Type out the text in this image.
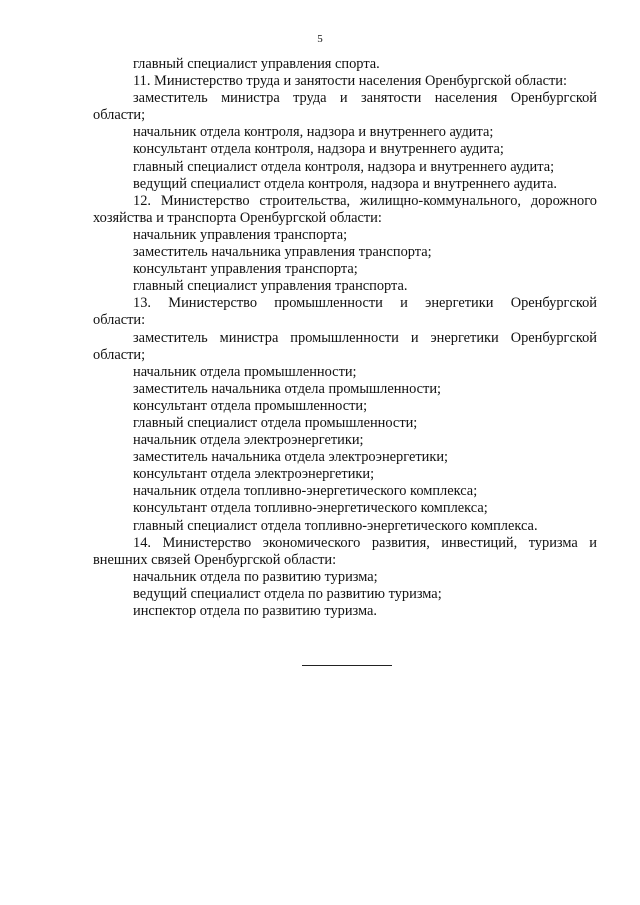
5
главный специалист управления спорта.
11. Министерство труда и занятости населения Оренбургской области:
заместитель министра труда и занятости населения Оренбургской
области;
начальник отдела контроля, надзора и внутреннего аудита;
консультант отдела контроля, надзора и внутреннего аудита;
главный специалист отдела контроля, надзора и внутреннего аудита;
ведущий специалист отдела контроля, надзора и внутреннего аудита.
12. Министерство строительства, жилищно-коммунального, дорожного
хозяйства и транспорта Оренбургской области:
начальник управления транспорта;
заместитель начальника управления транспорта;
консультант управления транспорта;
главный специалист управления транспорта.
13. Министерство промышленности и энергетики Оренбургской
области:
заместитель министра промышленности и энергетики Оренбургской
области;
начальник отдела промышленности;
заместитель начальника отдела промышленности;
консультант отдела промышленности;
главный специалист отдела промышленности;
начальник отдела электроэнергетики;
заместитель начальника отдела электроэнергетики;
консультант отдела электроэнергетики;
начальник отдела топливно-энергетического комплекса;
консультант отдела топливно-энергетического комплекса;
главный специалист отдела топливно-энергетического комплекса.
14. Министерство экономического развития, инвестиций, туризма и
внешних связей Оренбургской области:
начальник отдела по развитию туризма;
ведущий специалист отдела по развитию туризма;
инспектор отдела по развитию туризма.
